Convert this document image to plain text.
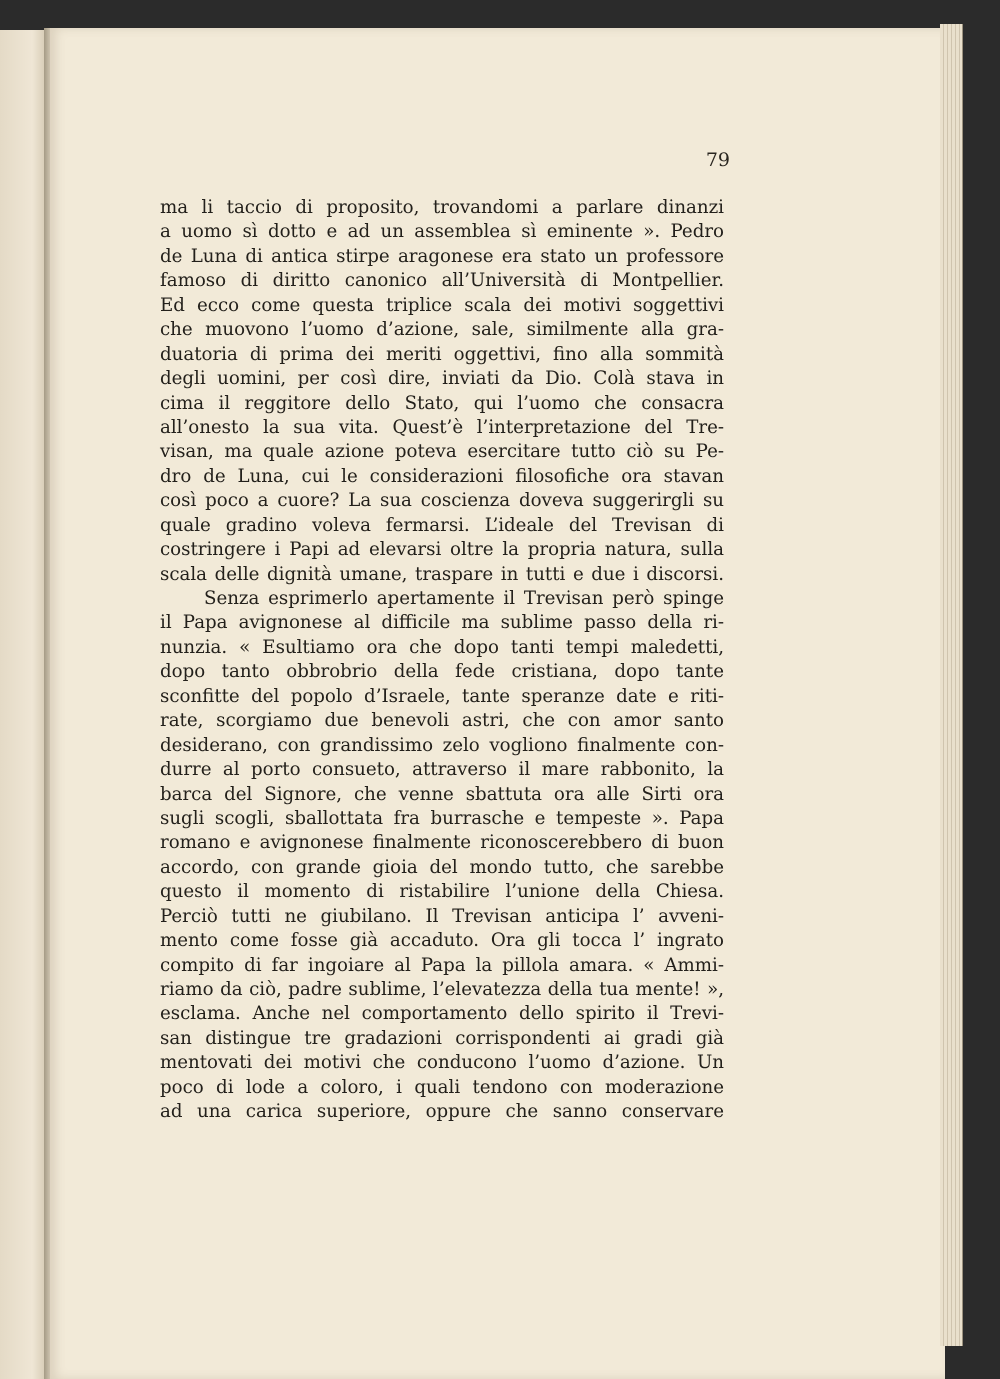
79
ma li taccio di proposito, trovandomi a parlare dinanzi
a uomo sì dotto e ad un assemblea sì eminente ». Pedro
de Luna di antica stirpe aragonese era stato un professore
famoso di diritto canonico all’Università di Montpellier.
Ed ecco come questa triplice scala dei motivi soggettivi
che muovono l’uomo d’azione, sale, similmente alla gra-
duatoria di prima dei meriti oggettivi, fino alla sommità
degli uomini, per così dire, inviati da Dio. Colà stava in
cima il reggitore dello Stato, qui l’uomo che consacra
all’onesto la sua vita. Quest’è l’interpretazione del Tre-
visan, ma quale azione poteva esercitare tutto ciò su Pe-
dro de Luna, cui le considerazioni filosofiche ora stavan
così poco a cuore? La sua coscienza doveva suggerirgli su
quale gradino voleva fermarsi. L’ideale del Trevisan di
costringere i Papi ad elevarsi oltre la propria natura, sulla
scala delle dignità umane, traspare in tutti e due i discorsi.
Senza esprimerlo apertamente il Trevisan però spinge
il Papa avignonese al difficile ma sublime passo della ri-
nunzia. « Esultiamo ora che dopo tanti tempi maledetti,
dopo tanto obbrobrio della fede cristiana, dopo tante
sconfitte del popolo d’Israele, tante speranze date e riti-
rate, scorgiamo due benevoli astri, che con amor santo
desiderano, con grandissimo zelo vogliono finalmente con-
durre al porto consueto, attraverso il mare rabbonito, la
barca del Signore, che venne sbattuta ora alle Sirti ora
sugli scogli, sballottata fra burrasche e tempeste ». Papa
romano e avignonese finalmente riconoscerebbero di buon
accordo, con grande gioia del mondo tutto, che sarebbe
questo il momento di ristabilire l’unione della Chiesa.
Perciò tutti ne giubilano. Il Trevisan anticipa l’ avveni-
mento come fosse già accaduto. Ora gli tocca l’ ingrato
compito di far ingoiare al Papa la pillola amara. « Ammi-
riamo da ciò, padre sublime, l’elevatezza della tua mente! »,
esclama. Anche nel comportamento dello spirito il Trevi-
san distingue tre gradazioni corrispondenti ai gradi già
mentovati dei motivi che conducono l’uomo d’azione. Un
poco di lode a coloro, i quali tendono con moderazione
ad una carica superiore, oppure che sanno conservare
